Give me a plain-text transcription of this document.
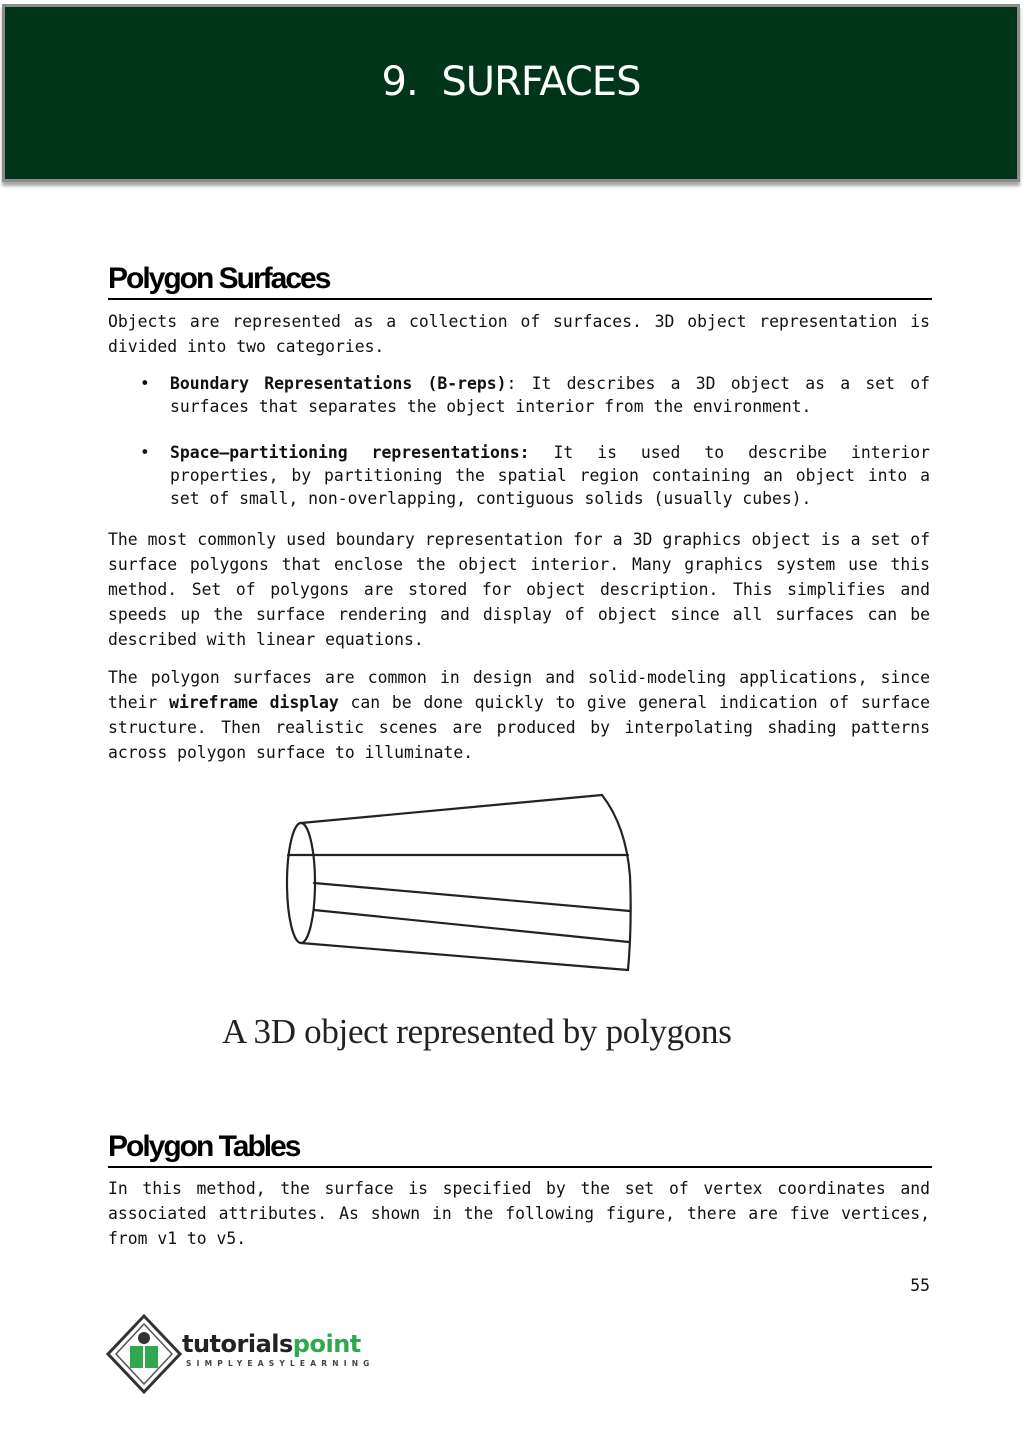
9. SURFACES
Polygon Surfaces

Objects are represented as a collection of surfaces. 3D object representation is divided into two categories.

• Boundary Representations (B-reps): It describes a 3D object as a set of surfaces that separates the object interior from the environment.
• Space–partitioning representations: It is used to describe interior properties, by partitioning the spatial region containing an object into a set of small, non-overlapping, contiguous solids (usually cubes).

The most commonly used boundary representation for a 3D graphics object is a set of surface polygons that enclose the object interior. Many graphics system use this method. Set of polygons are stored for object description. This simplifies and speeds up the surface rendering and display of object since all surfaces can be described with linear equations.

The polygon surfaces are common in design and solid-modeling applications, since their wireframe display can be done quickly to give general indication of surface structure. Then realistic scenes are produced by interpolating shading patterns across polygon surface to illuminate.

A 3D object represented by polygons
Polygon Tables

In this method, the surface is specified by the set of vertex coordinates and associated attributes. As shown in the following figure, there are five vertices, from v1 to v5.

55
tutorialspoint
SIMPLYEASYLEARNING
